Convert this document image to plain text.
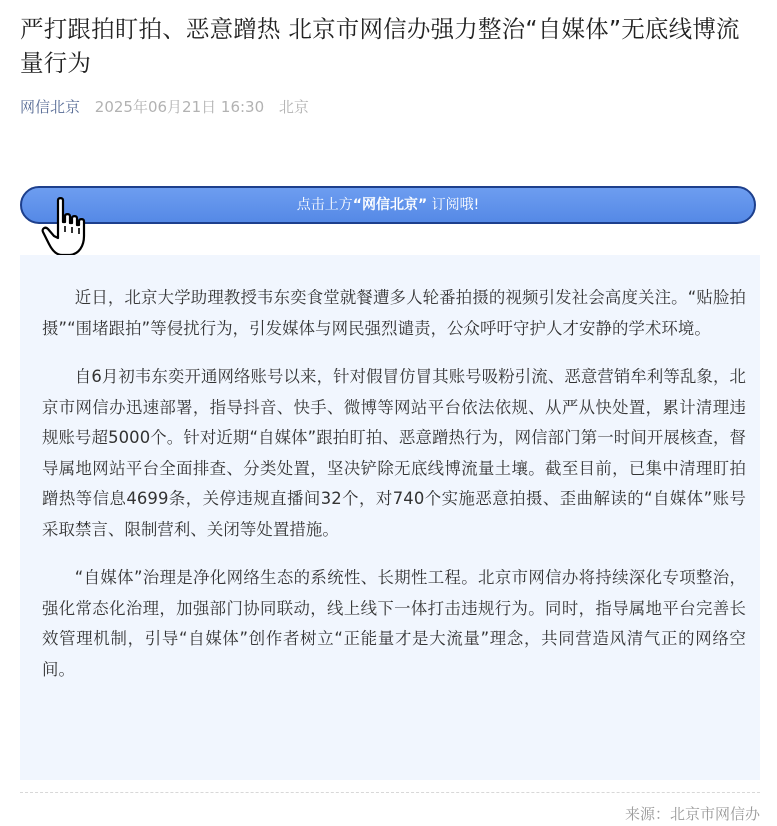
严打跟拍盯拍、恶意蹭热 北京市网信办强力整治“自媒体”无底线博流量行为
网信北京 2025年06月21日 16:30 北京
点击上方“网信北京” 订阅哦!

近日，北京大学助理教授韦东奕食堂就餐遭多人轮番拍摄的视频引发社会高度关注。“贴脸拍摄”“围堵跟拍”等侵扰行为，引发媒体与网民强烈谴责，公众呼吁守护人才安静的学术环境。

自6月初韦东奕开通网络账号以来，针对假冒仿冒其账号吸粉引流、恶意营销牟利等乱象，北京市网信办迅速部署，指导抖音、快手、微博等网站平台依法依规、从严从快处置，累计清理违规账号超5000个。针对近期“自媒体”跟拍盯拍、恶意蹭热行为，网信部门第一时间开展核查，督导属地网站平台全面排查、分类处置，坚决铲除无底线博流量土壤。截至目前，已集中清理盯拍蹭热等信息4699条，关停违规直播间32个，对740个实施恶意拍摄、歪曲解读的“自媒体”账号采取禁言、限制营利、关闭等处置措施。

“自媒体”治理是净化网络生态的系统性、长期性工程。北京市网信办将持续深化专项整治，强化常态化治理，加强部门协同联动，线上线下一体打击违规行为。同时，指导属地平台完善长效管理机制，引导“自媒体”创作者树立“正能量才是大流量”理念，共同营造风清气正的网络空间。

来源：北京市网信办
